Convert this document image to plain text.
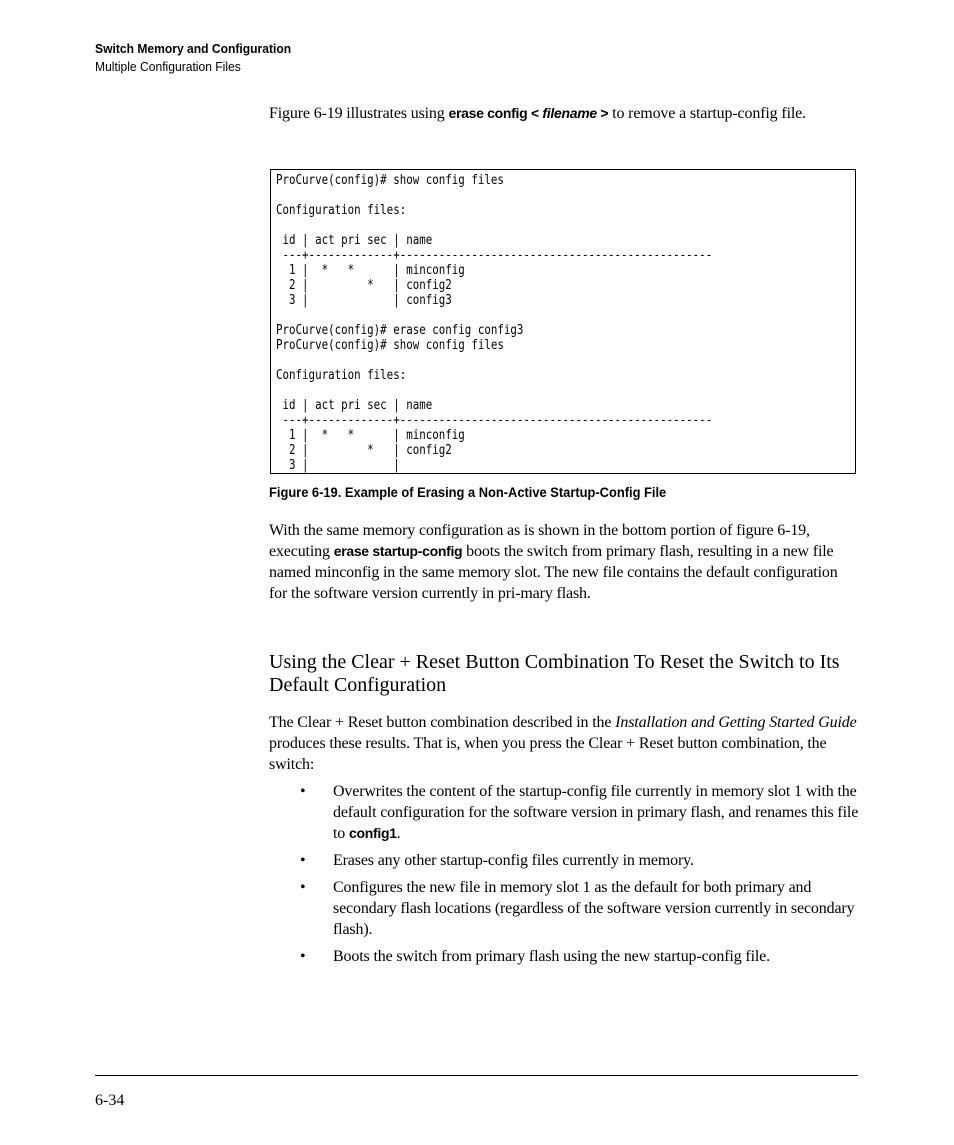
Switch Memory and Configuration
Multiple Configuration Files

Figure 6-19 illustrates using erase config < filename > to remove a startup-config file.

ProCurve(config)# show config files

Configuration files:

id | act pri sec | name
---+-------------+------------------------------------------------
1 |  *   *      | minconfig
2 |         *   | config2
3 |             | config3

ProCurve(config)# erase config config3
ProCurve(config)# show config files

Configuration files:

id | act pri sec | name
---+-------------+------------------------------------------------
1 |  *   *      | minconfig
2 |         *   | config2
3 |             |
Figure 6-19. Example of Erasing a Non-Active Startup-Config File

With the same memory configuration as is shown in the bottom portion of figure 6-19, executing erase startup-config boots the switch from primary flash, resulting in a new file named minconfig in the same memory slot. The new file contains the default configuration for the software version currently in pri-mary flash.

Using the Clear + Reset Button Combination To Reset the Switch to Its Default Configuration

The Clear + Reset button combination described in the Installation and Getting Started Guide produces these results. That is, when you press the Clear + Reset button combination, the switch:

• Overwrites the content of the startup-config file currently in memory slot 1 with the default configuration for the software version in primary flash, and renames this file to config1.
• Erases any other startup-config files currently in memory.
• Configures the new file in memory slot 1 as the default for both primary and secondary flash locations (regardless of the software version currently in secondary flash).
• Boots the switch from primary flash using the new startup-config file.
6-34
